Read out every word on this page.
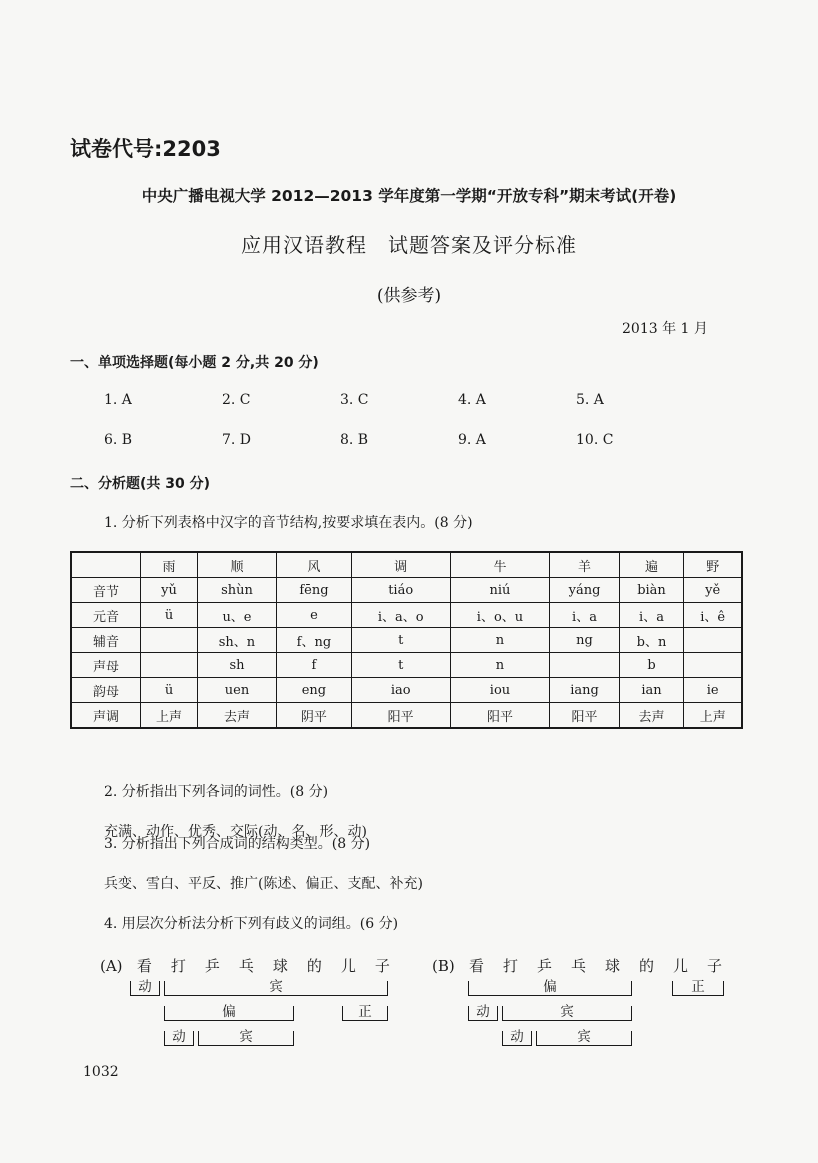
试卷代号:2203
中央广播电视大学 2012—2013 学年度第一学期“开放专科”期末考试(开卷)
应用汉语教程　试题答案及评分标准
(供参考)
2013 年 1 月
一、单项选择题(每小题 2 分,共 20 分)
1. A	2. C	3. C	4. A	5. A
6. B	7. D	8. B	9. A	10. C
二、分析题(共 30 分)
1. 分析下列表格中汉字的音节结构,按要求填在表内。(8 分)
	雨	顺	风	调	牛	羊	遍	野
音节	yǔ	shùn	fēng	tiáo	niú	yáng	biàn	yě
元音	ü	u、e	e	i、a、o	i、o、u	i、a	i、a	i、ê
辅音		sh、n	f、ng	t	n	ng	b、n	
声母		sh	f	t	n		b	
韵母	ü	uen	eng	iao	iou	iang	ian	ie
声调	上声	去声	阴平	阳平	阳平	阳平	去声	上声
2. 分析指出下列各词的词性。(8 分)
充满、动作、优秀、交际(动、名、形、动)
3. 分析指出下列合成词的结构类型。(8 分)
兵变、雪白、平反、推广(陈述、偏正、支配、补充)
4. 用层次分析法分析下列有歧义的词组。(6 分)
(A) 看 打 乒 乓 球 的 儿 子
动	宾
偏	正
动	宾
(B) 看 打 乒 乓 球 的 儿 子
偏	正
动	宾
动	宾
1032
